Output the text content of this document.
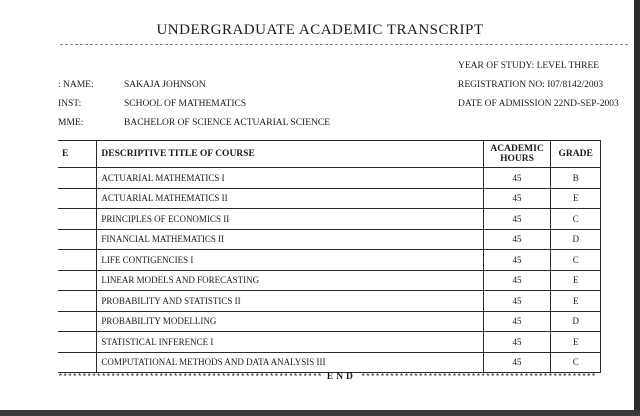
UNDERGRADUATE ACADEMIC TRANSCRIPT
: NAME:	SAKAJA JOHNSON
INST:	SCHOOL OF MATHEMATICS
MME:	BACHELOR OF SCIENCE ACTUARIAL SCIENCE
YEAR OF STUDY: LEVEL THREE
REGISTRATION NO: I07/8142/2003
DATE OF ADMISSION 22ND-SEP-2003
E	DESCRIPTIVE TITLE OF COURSE	ACADEMIC HOURS	GRADE
	ACTUARIAL MATHEMATICS I	45	B
	ACTUARIAL MATHEMATICS II	45	E
	PRINCIPLES OF ECONOMICS II	45	C
	FINANCIAL MATHEMATICS II	45	D
	LIFE CONTIGENCIES I	45	C
	LINEAR MODELS AND FORECASTING	45	E
	PROBABILITY AND STATISTICS II	45	E
	PROBABILITY MODELLING	45	D
	STATISTICAL INFERENCE I	45	E
	COMPUTATIONAL METHODS AND DATA ANALYSIS III	45	C
******************************************************* END *************************************************
